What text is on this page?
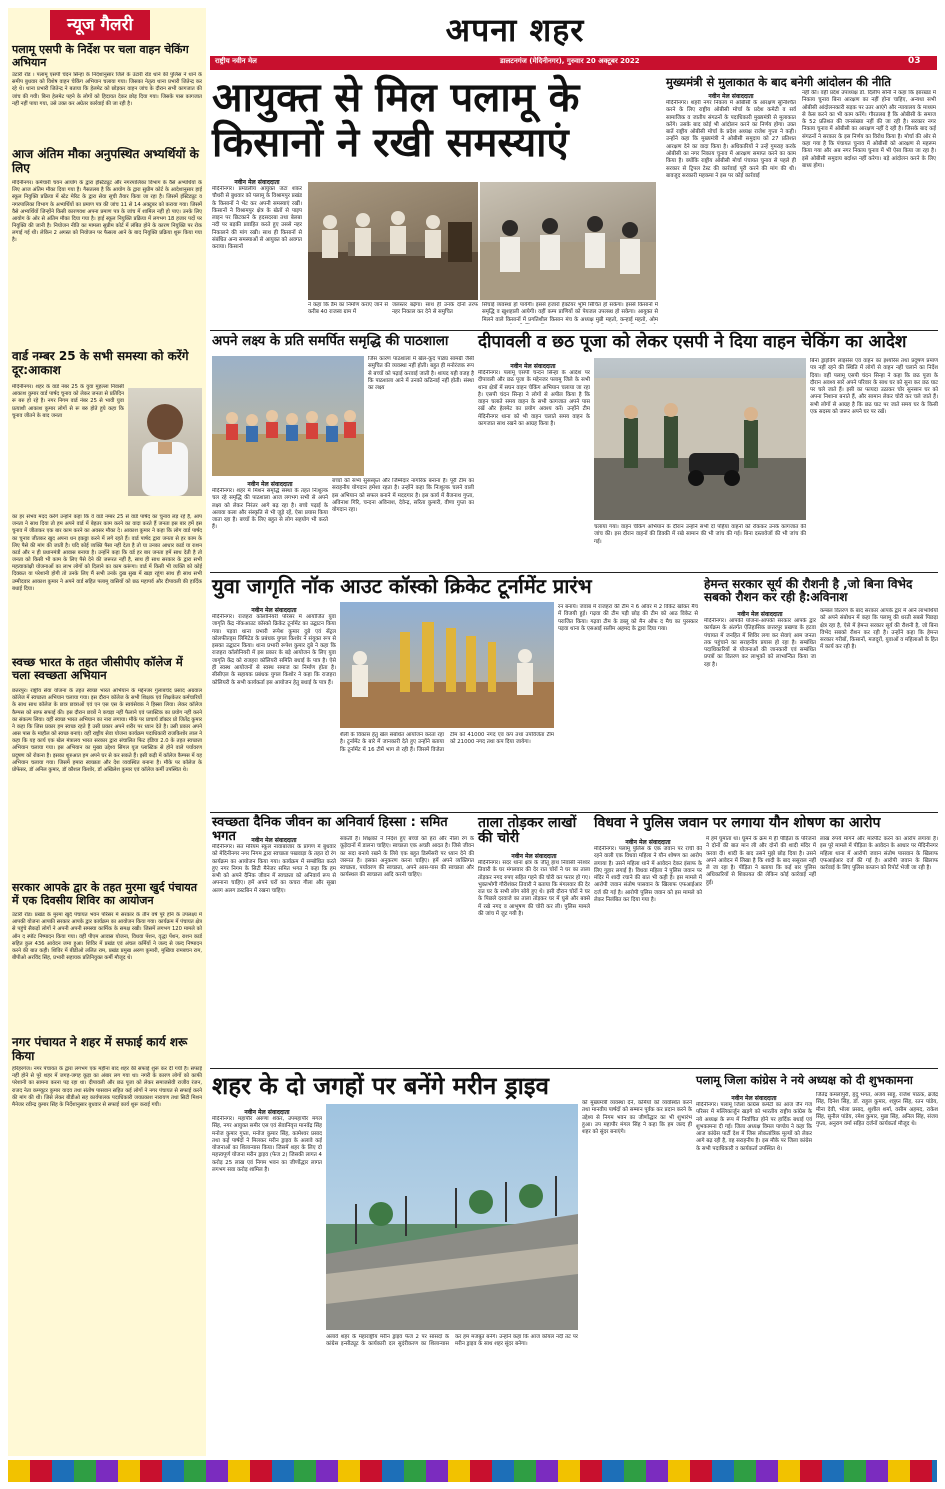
न्यूज गैलरी
पलामू एसपी के निर्देश पर चला वाहन चेकिंग अभियान
उंटारी रोड । पलामू एसपी चंदन सिन्हा के निर्देशानुसार जिले के उंटारी रोड थाने की पुलिस ने थाने के समीप बुधवार को विशेष वाहन चेकिंग अभियान चलाया गया। जिसका नेतृत्व थाना प्रभारी जितेन्द्र कर रहे थे। थाना प्रभारी जितेन्द्र ने बताया कि हेलमेट को छोड़कर वाहन जांच के दौरान सभी कागजात की जांच की गयी। बिना हेलमेट पहने के लोगों को हिदायत देकर छोड़ दिया गया। जिसके पास कागजात नहीं नहीं पाया गया, उसे उक्त कर अग्रेतर कार्रवाई की जा रही है।
आज अंतिम मौका अनुपस्थित अभ्यर्थियों के लिए
मेदिनीनगर। कर्मचारी चयन आयोग के द्वारा इंस्टिट्यूट और नगरपालिका विभाग के वैसे अभ्यर्थियों के लिए आज अंतिम मौका दिया गया है। गैसतलब है कि आयोग के द्वारा सुप्रीम कोर्ट के आदेशानुसार हाई स्कूल नियुक्ति प्रक्रिया में स्टेट मेरिट के द्वारा सेवा सूची तैयार किया जा रहा है। जिसमें इंस्टिट्यूट व नगरपालिका विभाग के अभ्यर्थियों का प्रमाण पत्र की जांच 11 से 14 अक्टूबर को कराया गया। जिसमें वैसे अभ्यर्थियों जिन्होंने किसी कारणवश अपना प्रमाण पत्र के जांच में शामिल नहीं हो पाए। उनके लिए आयोग के ओर से अंतिम मौका दिया गया है। हाई स्कूल नियुक्ति प्रक्रिया में लगभग 18 हजार पदों पर नियुक्ति की जानी है। नियोजन नीति का मामला सुप्रीम कोर्ट में लंबित होने के कारण नियुक्ति पर रोक लगाई गई थी। लेकिन 2 अगस्त को नियोजन पर फैसला आने के बाद नियुक्ति प्रक्रिया शुरू किया गया है।
वार्ड नम्बर 25 के सभी समस्या को करेंगे दूर:आकाश
मेदिनीनगर। शहर के वार्ड नंबर 25 के युवा मुहल्ला निवासी आकाश कुमार वार्ड पार्षद चुनाव को लेकर जनता से प्रतिदिन रू बरु हो रहे है। नगर निगम वार्ड नंबर 25 से भावी युवा प्रत्याशी आकाश कुमार लोगों से रू बरु होते हुये कहा कि चुनाव जीतने के बाद जनता
का हर संभव मदद करेंगे उन्होंने कहा कि वे वार्ड नम्बर 25 से वार्ड पार्षद का चुनाव लड़ रहे है, आप जनता ने साथ दिया तो हम अपने वार्ड में बेहतर काम करने का वादा करते हैं जनता इस बार हमें इस चुनाव में जीताकर एक बार काम करने का अवसर मौका दे। आकाश कुमार ने कहा कि लोग वार्ड पार्षद का चुनाव जीतकर खुद अपना धन इकठ्ठा करने में लगे रहते हैं। वार्ड पार्षद द्वारा जनता से हर काम के लिए पैसे की मांग की जाती है। यदि कोई व्यक्ति पैसा नहीं देता है तो या उनका आधार कार्ड या राशन कार्ड और न ही प्रधानमंत्री आवास बनाया है। उन्होंने कहा कि वर्ड हर बार जनता हमें साथ देती है तो जनता को किसी भी काम के लिए पैसे देने की जरूरत नहीं है, साथ ही साथ सरकार के द्वारा सभी महत्वाकांक्षी योजनाओं का लाभ लोगों को दिलाने का काम करूंगा। वार्ड में किसी भी व्यक्ति को कोई दिक्कत या परेशानी होगी तो उनके लिए मैं सभी उनके दुख सुख में खड़ा रहूंगा साथ ही साथ सभी उम्मीदवार आकाश कुमार ने अपने वार्ड सहित पलामू वासियों को छठ महापर्व और दीपावली की हार्दिक बधाई दिया।
स्वच्छ भारत के तहत जीसीपीए कॉलेज में चला स्वच्छता अभियान
छतरपुर। राष्ट्रीय सेवा योजना के तहत स्वच्छ भारत अभियान के मद्देनजर गुलाबचंद प्रसाद अग्रवाल कॉलेज में स्वच्छता अभियान चलाया गया। इस दौरान कॉलेज के सभी शिक्षक एवं शिक्षकेतर कर्मचारियों के साथ साथ कॉलेज के छात्र छात्राओं एवं एन एस एस के स्वयंसेवक ने हिस्सा लिया। लेकर कॉलेज कैम्पस को साफ सफाई की। इस दौरान छात्रों ने कचड़ा नहीं फैलाने एवं प्लास्टिक का प्रयोग नहीं करने का संकल्प लिया। वहीं स्वच्छ भारत अभियान का नारा लगाया। मौके पर प्राचार्य डॉक्टर प्रो जितेंद्र कुमार ने कहा कि जिस प्रकार हम स्वच्छ रहते है उसी प्रकार अपने शरीर पर ध्यान देते है। उसी प्रकार अपने आस पास के माहौल को स्वच्छ बनाएं। वहीं राष्ट्रीय सेवा योजना कार्यक्रम पदाधिकारी राजकिशोर लाल ने कहा कि यह कार्य एक खेल मंत्रालय भारत सरकार द्वारा संचालित फिट इंडिया 2.0 के तहत स्वच्छता अभियान चलाया गया। इस अभियान का मुख्य उद्देश्य सिंगल यूज प्लास्टिक से होने वाले पर्यावरण प्रदूषण को रोकना है। इसका शुरुआत हम अपने घर से कर सकते हैं। इसी कड़ी में कॉलेज कैम्पस में यह अभियान चलाया गया। जिसमें हमारा स्वच्छता और देश व्यवस्थित बनाना है। मौके पर कॉलेज के प्रोफेसर, डॉ अनिल कुमार, डॉ कौशल किशोर, डॉ अखिलेश कुमार एवं कॉलेज कर्मी उपस्थित थे।
सरकार आपके द्वार के तहत मुरमा खुर्द पंचायत में एक दिवसीय शिविर का आयोजन
उंटारी रोड। प्रखंड के मुरमा खुर्द पंचायत भवन परिसर में सरकार के तीन वर्ष पूरे होने के उपलक्ष्य में आपकी योजना आपकी सरकार आपके द्वार कार्यक्रम का आयोजन किया गया। कार्यक्रम में पंचायत क्षेत्र से पहुंचे सैकड़ों लोगों ने अपनी अपनी समस्या कार्मिक के समक्ष रखी। जिसमें लगभग 120 मामले को ऑन द स्पॉट निष्पादन किया गया। वहीं पीएम आवास योजना, विधवा पेंशन, वृद्धा पेंशन, राशन कार्ड सहित कुल 436 आवेदन जमा हुआ। शिविर में प्रखंड एवं अंचल कर्मियों ने जल्द से जल्द निष्पादन करने की बात कही। शिविर में बीडीओ ललित राम, प्रखंड प्रमुख अरुण कुमारी, मुखिया रामबचन राम, बीपीओ अरविंद सिंह, प्रभारी सहायक प्रतिनियुक्त कर्मी मौजूद थे।
नगर पंचायत ने शहर में सफाई कार्य शरू किया
हरिहरगंज। नगर पंचायत के द्वारा लगभग एक महीना बाद शहर की सफाई शुरू कर दी गयी है। सफाई नहीं होने से पूरे शहर में जगह-जगह कूड़ा का अंबार लग गया था। नगरी के कारण लोगों को काफी परेशानी का सामना करना पड़ रहा था। दीपावली और छठ पूजा को लेकर समाजसेवी राजीव रंजन, राजद नेता कम्प्यूटर कुमार यादव तथा संतोष पासवान सहित कई लोगों ने नगर पंचायत से सफाई करने की मांग की थी। जिसे लेकर बीडीओ सह कार्यपालक पदाधिकारी जयप्रकाश नारायण तथा सिटी मिशन मैनेजर रवीन्द्र कुमार सिंह के निर्देशानुसार बुधवार से सफाई कार्य शुरू कराई गयी।
अपना शहर
राष्ट्रीय नवीन मेल	डालटनगंज (मेदिनीनगर), गुरुवार 20 अक्टूबर 2022	03
आयुक्त से मिल पलामू के किसानों ने रखी समस्याएं
नवीन मेल संवाददाता
मेदिनीनगर। प्रमंडलीय आयुक्त जटा शंकर चौधरी से बुधवार को पलामू के विश्रामपुर प्रखंड के किसानों ने भेंट कर अपनी समस्याएं रखीं। किसानों ने विश्रामपुर क्षेत्र के खेतों से पाइप लाइन पर छिटकाने के हदसदरबा तथा बेलबा नदी पर बड़की प्रवाहित करते हुए उससे नहर निकालने की मांग रखी। साथ ही किसानों से संबंधित अन्य समस्याओं से आयुक्त को अवगत कराया। किसानों
ने कहा कि डैम का निर्माण कराए जाने से करीब 40 राजस्व ग्राम में
जलस्तर बढ़ेगा। साथ ही उनके दोनों तरफ नहर निकाल कर देने से समुचित
सिंचाई व्यवस्था हो पायेगी। इससे हजारों हेक्टेयर भूमि सिंचित हो सकेगा। इससे किसानों में समृद्धि व खुशहाली आयेगी। वहीं कम्प प्राणियों को पेयजल उपलब्ध हो सकेगा। आयुक्त से मिलने वाले किसानों में प्रगतिशील किसान मंच के अध्यक्ष मुन्नी महतो, कन्हाई महतो, ओम
मुख्यमंत्री से मुलाकात के बाद बनेगी आंदोलन की नीति
नवीन मेल संवाददाता
मेदिनीनगर। शहरी नगर निकाय में ओबीसी के आरक्षण सुनिश्चित करने के लिए राष्ट्रीय ओबीसी मोर्चा के प्रदेश कमेटी व सर्व सामाजिक व जातीय संगठनों के पदाधिकारी मुख्यमंत्री से मुलाकात करेंगे। उसके बाद कोई भी आंदोलन करने का निर्णय होगा। उक्त बातें राष्ट्रीय ओबीसी मोर्चा के प्रदेश अध्यक्ष राजेश गुप्ता ने कही। उन्होंने कहा कि मुख्यमंत्री ने ओबीसी समुदाय को 27 प्रतिशत आरक्षण देने का वादा किया है। अधिकारियों ने उन्हें गुमराह करके ओबीसी का नगर निकाय चुनाव में आरक्षण समाप्त करने का काम किया है। क्योंकि राष्ट्रीय ओबीसी मोर्चा पंचायत चुनाव से पहले ही सरकार से ट्रिपल टेस्ट की कार्रवाई पूरी करने की मांग की थी। बावजूद सरकारी महकमा ने इस पर कोई कार्रवाई
नहीं की। वहीं प्रदेश उपाध्यक्ष डॉ. दिलीप सोनी ने कहा कि झारखंड में निकाय चुनाव बिना आरक्षण का नहीं होना चाहिए, अन्यथा सभी ओबीसी आंदोलनकारी सड़क पर उतर आएंगे और न्यायालय के माध्यम से केस करने का भी काम करेंगे। गौरतलब है कि ओबीसी के समाज के 52 प्रतिशत की जनसंख्या नहीं की जा रही है। सरकार नगर निकाय चुनाव में ओबीसी का आरक्षण नहीं दे रही है। जिसके बाद कई संगठनों ने सरकार के इस निर्णय का विरोध किया है। मोर्चा की ओर से कहा गया है कि पंचायत चुनाव में ओबीसी को आरक्षण से महरूम किया गया और अब नगर निकाय चुनाव में भी ऐसा किया जा रहा है। इसे ओबीसी समुदाय बर्दाश्त नहीं करेगा। बड़े आंदोलन करने के लिए बाध्य होगा।
अपने लक्ष्य के प्रति समर्पित समृद्धि की पाठशाला
जिस कारण पाठशाला में खेल-कूद पाठ्य सामग्री जैसी समुचित की व्यवस्था नहीं होती। बहुत ही मनोरंजक रूप से बच्चों को पढ़ाई करवाई जाती है। शायद यही वजह है कि पाठशाला आने में उनको कठिनाई नहीं होती। संस्था का लक्ष्य
नवीन मेल संवाददाता
मेदिनीनगर। शहर में मिशन समृद्धि संस्था के तहत निःशुल्क चल रहे समृद्धि की पाठशाला आज लगभग सभी से अपने लक्ष्य को लेकर निरंतर आगे बढ़ रहा है। बच्चे पढ़ाई के अलावा कला और संस्कृति से भी जुड़े रहें, ऐसा प्रयास किया जाता रहा है। बच्चों के लिए बहुत से लोग सहयोग भी करते हैं।
बच्चों को सभ्य सुसंस्कृत और जिम्मेदार नागरिक बनाना है। पूरी टीम का सराहनीय योगदान हमेशा रहता है। उन्होंने कहा कि निःशुल्क चलने वाली इस अभियान को सफल बनाने में मददगार है। इस कार्य में बैजनाथ गुप्ता, अविनाश गिरि, चन्दना अविनाश, देवेन्द्र, सरिता कुमारी, वीणा गुप्ता का योगदान रहा।
दीपावली व छठ पूजा को लेकर एसपी ने दिया वाहन चेकिंग का आदेश
नवीन मेल संवाददाता
मेदिनीनगर। पलामू एसपी चन्दन सिन्हा के आदेश पर दीपावली और छठ पूजा के मद्देनजर पलामू जिले के सभी थाना क्षेत्रों में सघन वाहन चेकिंग अभियान चलाया जा रहा है। एसपी चंदन सिन्हा ने लोगों से अपील किया है कि वाहन चलाते समय वाहन के सभी कागजात अपने पास रखें और हेलमेट का प्रयोग अवश्य करें। उन्होंने टीम मेदिनीनगर थाना को भी वाहन चलाते समय वाहन के कागजात साथ रखने का आग्रह किया है।
चलाया गया। वाहन चेकिंग अभियान के दौरान उन्होंने सभी दो पहिया वाहनों को रोककर उनके कागजात की जांच की। इस दौरान वाहनों की डिक्की में रखे सामान की भी जांच की गई। बिना दस्तावेजों की भी जांच की गई।
बिना ड्राइविंग लाइसेंस एवं वाहन का इंश्योरेंस तथा प्रदूषण प्रमाण पत्र नहीं रहने की स्थिति में लोगों से वाहन नहीं चलाने का निर्देश दिया। वहीं पलामू एसपी चंदन सिन्हा ने कहा कि छठ पूजा के दौरान अवश्य सारे अपने परिवार के साथ घर को सुना कर छठ घाट पर चले जाते हैं। इसी का फायदा उठाकर चोर सुनसान घर को अपना निशाना बनाते हैं, और सामान लेकर चोरी कर चले जाते हैं। सभी लोगों से आग्रह है कि छठ घाट पर जाते समय घर के किसी एक सदस्य को जरूर अपने घर पर रखें।
युवा जागृति नॉक आउट कॉस्को क्रिकेट टूर्नामेंट प्रारंभ
नवीन मेल संवाददाता
मेदिनीनगर। राजहरा कॉलोनियरी परिसर में आयोजित युवा जागृति केंद्र नॉकआउट कॉस्को क्रिकेट टूर्नामेंट का उद्घाटन किया गया। पड़वा थाना प्रभारी रूपेश कुमार दुबे एवं सेंट्रल कोलफील्ड्स लिमिटेड के प्रबंधक युगल किशोर ने संयुक्त रूप से इसका उद्घाटन किया। थाना प्रभारी रूपेश कुमार दुबे ने कहा कि राजहरा कॉलोनियरी में इस प्रकार के बड़े आयोजन के लिए युवा जागृति केंद्र को राजहरा कॉलियरी समिति बधाई के पात्र है। ऐसे ही स्वस्थ आयोजनों से स्वस्थ समाज का निर्माण होता है। सीसीएल के सहायक प्रबंधक युगल किशोर ने कहा कि राजहरा कोलियरी के सभी कार्यकर्ता इस आयोजन हेतु बधाई के पात्र हैं।
शैली के विकास हेतु खेल संबंधित आयोजन करता रहा है। टूर्नामेंट के बारे में जानकारी देते हुए उन्होंने बताया कि टूर्नामेंट में 16 टीमें भाग ले रही हैं। जिसमें विजेता टीम को 41000 नगद एवं कप तथा उपविजेता टीम को 21000 नगद तथा कप दिया जायेगा।
रन बनाये। जवाब में राजहरा की टीम ने 6 ओवर में 2 विकेट खोकर मैच में विजयी हुई। गढ़वा की टीम पड़ी छोड़ की टीम को आठ विकेट से पराजित किया। गढ़वा टीम के डब्लू को मैन ऑफ द मैच का पुरस्कार पड़वा थाना के एसआई सलीम अहमद के द्वारा दिया गया।
हेमन्त सरकार सूर्य की रौशनी है ,जो बिना विभेद सबको रौशन कर रही है:अविनाश
नवीन मेल संवाददाता
मेदिनीनगर। आपकी योजना-आपकी सरकार आपके द्वार कार्यक्रम के अंतर्गत ऐतिहासिक छत्तरपुर प्रखण्ड के हटवा पंचायत में जनहित में शिविर लगा कर सेवाएं आम जनता तक पहुंचाने का सराहनीय प्रयास हो रहा है। सम्बंधित पदाधिकारियों से योजनाओं की जानकारी एवं सम्बंधित प्रपत्रों का वितरण कर लाभुकों को लाभान्वित किया जा रहा है।
कम्बल वितरण के बाद सरकार आपके द्वार में आने लाभार्थियों को अपने संबोधन में कहा कि पलामू की धरती सबसे पिछड़ा क्षेत्र रहा है, ऐसे में हेमन्त सरकार सूर्य की रौशनी है, जो बिना विभेद सबको रौशन कर रही है। उन्होंने कहा कि हेमन्त सरकार गरीबों, किसानों, मजदूरों, युवाओं व महिलाओं के हित में कार्य कर रही है।
स्वच्छता दैनिक जीवन का अनिवार्य हिस्सा : समित भगत	नवीन मेल संवाददाता
मेदिनीनगर। संत मरियम स्कूल नावाबाजार के प्रांगण में बुधवार को मेदिनीनगर नगर निगम द्वारा स्वच्छता पखवाड़ा के तहत दो रंग कार्यक्रम का आयोजन किया गया। कार्यक्रम में सम्बोधित करते हुए नगर निगम के सिटी मैनेजर समित भगत ने कहा कि हम सभी को अपने दैनिक जीवन में स्वच्छता को अनिवार्य रूप से अपनाना चाहिए। हमें अपने घरों का कचरा गीला और सूखा अलग अलग डस्टबिन में रखना चाहिए।
सकती है। शिक्षकों ने निर्देश हुए बच्चों को हरा और नीला रंग के कूड़ेदानों में डालना चाहिए। स्वच्छता एक अच्छी आदत है। जिसे जीवन का सदा बनाये रखने के लिये एक बहुत डिस्पेंसरी पर ध्यान देने की जरूरत है। इसका अनुकरण करना चाहिए। हमें अपने व्यक्तिगत स्वच्छता, पर्यावरण की स्वच्छता, अपने आस-पास की स्वच्छता और कार्यस्थल की स्वच्छता आदि करनी चाहिए।
ताला तोड़कर लाखों की चोरी
नवीन मेल संवाददाता
मेदिनीनगर। सदर थाना क्षेत्र के जीतू हाथ निवासी नरेश्वर तिवारी के घर मंगलवार की देर रात चोरों ने घर का ताला तोड़कर नगद रुपए सहित गहने की चोरी कर फरार हो गए। भुक्तभोगी गौरीशंकर तिवारी ने बताया कि मंगलवार की देर रात घर के सभी लोग सोये हुए थे। इसी दौरान चोरों ने घर के पिछले दरवाजे का ताला तोड़कर घर में घुसे और बक्से में रखे नगद व आभूषण की चोरी कर ली। पुलिस मामले की जांच में जुट गयी है।
विधवा ने पुलिस जवान पर लगाया यौन शोषण का आरोप
नवीन मेल संवाददाता
मेदिनीनगर। पलामू पुलिस के एक जवान पर रांची की रहने वाली एक विधवा महिला ने यौन शोषण का आरोप लगाया है। उसने महिला थाने में आवेदन देकर इंसाफ के लिए गुहार लगाई है। विधवा महिला ने पुलिस जवान पर मंदिर में शादी रचाने की बात भी कही है। इस मामले में आरोपी जवान संतोष पासवान के खिलाफ एफआईआर दर्ज की गई है। आरोपी पुलिस जवान को इस मामले को लेकर निलंबित कर दिया गया है।
में हमें घुमाता था। घुमने के क्रम में ही पीड़िता के परिजनों ने दोनों की बात मान ली और दोनों की शादी मंदिर में करवा दी। शादी के बाद उसने मुझे छोड़ दिया है। उसने अपने आवेदन में लिखा है कि शादी के बाद ससुराल नहीं ले जा रहा है। पीड़िता ने बताया कि कई बार पुलिस अधिकारियों से शिकायत की लेकिन कोई कार्रवाई नहीं हुई।
लाख रुपये मांगने और मारपीट करने का आरोप लगाया है। इस पूरे मामले में पीड़िता के आवेदन के आधार पर मेदिनीनगर महिला थाना में आरोपी जवान संतोष पासवान के खिलाफ एफआईआर दर्ज की गई है। आरोपी जवान के खिलाफ कार्रवाई के लिए पुलिस कप्तान को रिपोर्ट भेजी जा रही है।
शहर के दो जगहों पर बनेंगे मरीन ड्राइव
नवीन मेल संवाददाता
मेदिनीनगर। महापौर अरुणा शंकर, उपमहापौर मंगल सिंह, नगर आयुक्त समीर एस एवं सेवानिवृत्त मानवेंद्र सिंह मनोज कुमार गुप्ता, मनोज कुमार सिंह, कामेश्वर प्रसाद तथा कई पार्षदों ने मिलकर मरीन ड्राइव के अलावे कई योजनाओं का शिलान्यास किया। जिसमें शहर के लिए दो महत्त्वपूर्ण योजना मरीन ड्राइव (फेज 2) जिसकी लागत 4 करोड़ 25 लाख एवं निगम भवन का जीर्णोद्धार लागत लगभग सवा करोड़ शामिल है।
अलावे शहर के महाराष्ट्रीय मरीन ड्राइव फेज 2 पर सांसदों के कांग्रेस इन्सीट्यूट के कार्यकारी दल सुदंरीकरण का शिलान्यास कर हम मजबूत बनेंगे। उन्होंने कहा कि आज कोयल नदी तट पर मरीन ड्राइव के साथ शहर सुंदर बनेगा।
को मुख्यमंत्री व्यवस्था देने, कर्मियों को व्यवस्थित करने तथा मानवीय पार्षदों को सम्मान पूर्वक कर प्रदान करने के उद्देश्य से निगम भवन का जीर्णोद्धार का भी शुभारंभ हुआ। उप महापौर मंगल सिंह ने कहा कि हम जल्द ही शहर को सुंदर बनाएंगे।
पलामू जिला कांग्रेस ने नये अध्यक्ष को दी शुभकामना
नवीन मेल संवाददाता
मेदिनीनगर। पलामू जिला कांग्रेस कमेटी का आज जैन गंज परिसर में मल्लिकार्जुन खड़गे को भारतीय राष्ट्रीय कांग्रेस के नये अध्यक्ष के रूप में निर्वाचित होने पर हार्दिक बधाई एवं शुभकामना दी गई। जिला अध्यक्ष विमल पाण्डेय ने कहा कि आज कांग्रेस पार्टी देश में जिस लोकतांत्रिक मूल्यों को लेकर आगे बढ़ रही है, वह सराहनीय है। इस मौके पर जिला कांग्रेस के सभी पदाधिकारी व कार्यकर्ता उपस्थित थे।
जितेंद्र कमलापुरी, हृदू भगत, अजय साहू, राजेश पाठक, ब्रजेंद्र सिंह, दिनेश सिंह, डॉ. राहुल कुमार, शत्रुघ्न सिंह, रतन पांडेय, मीना देवी, भोला प्रसाद, शुशील शर्मा, वसीम अहमद, राकेश सिंह, सुनील पांडेय, रमेश कुमार, मुन्ना सिंह, अनिल सिंह, संजय गुप्ता, अनुराग वर्मा सहित दर्जनों कार्यकर्ता मौजूद थे।
